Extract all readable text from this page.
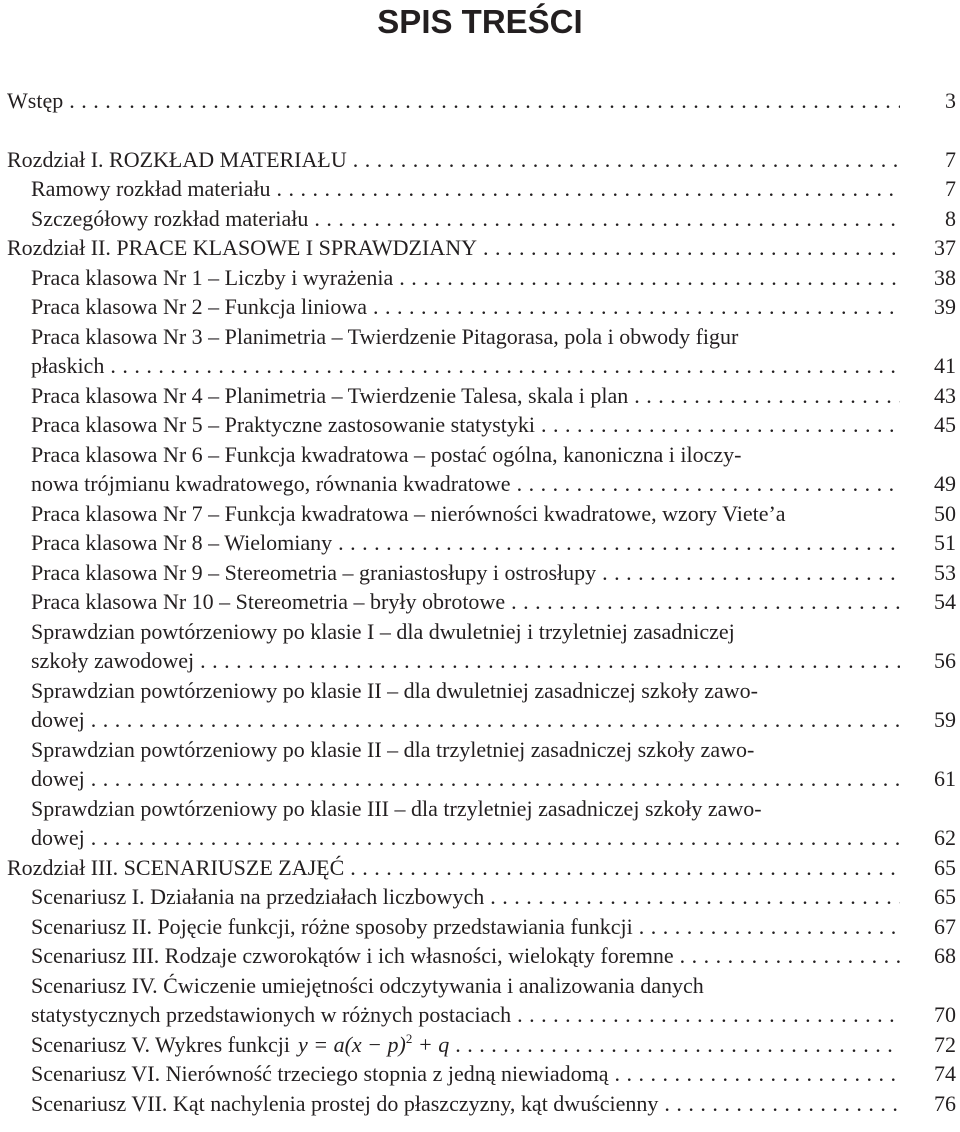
SPIS TREŚCI
Wstęp . . .	3
Rozdział I. ROZKŁAD MATERIAŁU . . .	7
Ramowy rozkład materiału . . .	7
Szczegółowy rozkład materiału . . .	8
Rozdział II. PRACE KLASOWE I SPRAWDZIANY . . .	37
Praca klasowa Nr 1 – Liczby i wyrażenia . . .	38
Praca klasowa Nr 2 – Funkcja liniowa . . .	39
Praca klasowa Nr 3 – Planimetria – Twierdzenie Pitagorasa, pola i obwody figur
płaskich . . .	41
Praca klasowa Nr 4 – Planimetria – Twierdzenie Talesa, skala i plan . . .	43
Praca klasowa Nr 5 – Praktyczne zastosowanie statystyki . . .	45
Praca klasowa Nr 6 – Funkcja kwadratowa – postać ogólna, kanoniczna i iloczy-
nowa trójmianu kwadratowego, równania kwadratowe . . .	49
Praca klasowa Nr 7 – Funkcja kwadratowa – nierówności kwadratowe, wzory Viete’a	50
Praca klasowa Nr 8 – Wielomiany . . .	51
Praca klasowa Nr 9 – Stereometria – graniastosłupy i ostrosłupy . . .	53
Praca klasowa Nr 10 – Stereometria – bryły obrotowe . . .	54
Sprawdzian powtórzeniowy po klasie I – dla dwuletniej i trzyletniej zasadniczej
szkoły zawodowej . . .	56
Sprawdzian powtórzeniowy po klasie II – dla dwuletniej zasadniczej szkoły zawo-
dowej . . .	59
Sprawdzian powtórzeniowy po klasie II – dla trzyletniej zasadniczej szkoły zawo-
dowej . . .	61
Sprawdzian powtórzeniowy po klasie III – dla trzyletniej zasadniczej szkoły zawo-
dowej . . .	62
Rozdział III. SCENARIUSZE ZAJĘĆ . . .	65
Scenariusz I. Działania na przedziałach liczbowych . . .	65
Scenariusz II. Pojęcie funkcji, różne sposoby przedstawiania funkcji . . .	67
Scenariusz III. Rodzaje czworokątów i ich własności, wielokąty foremne . . .	68
Scenariusz IV. Ćwiczenie umiejętności odczytywania i analizowania danych
statystycznych przedstawionych w różnych postaciach . . .	70
Scenariusz V. Wykres funkcji $y = a(x - p)^2 + q$ . . .	72
Scenariusz VI. Nierówność trzeciego stopnia z jedną niewiadomą . . .	74
Scenariusz VII. Kąt nachylenia prostej do płaszczyzny, kąt dwuścienny . . .	76
